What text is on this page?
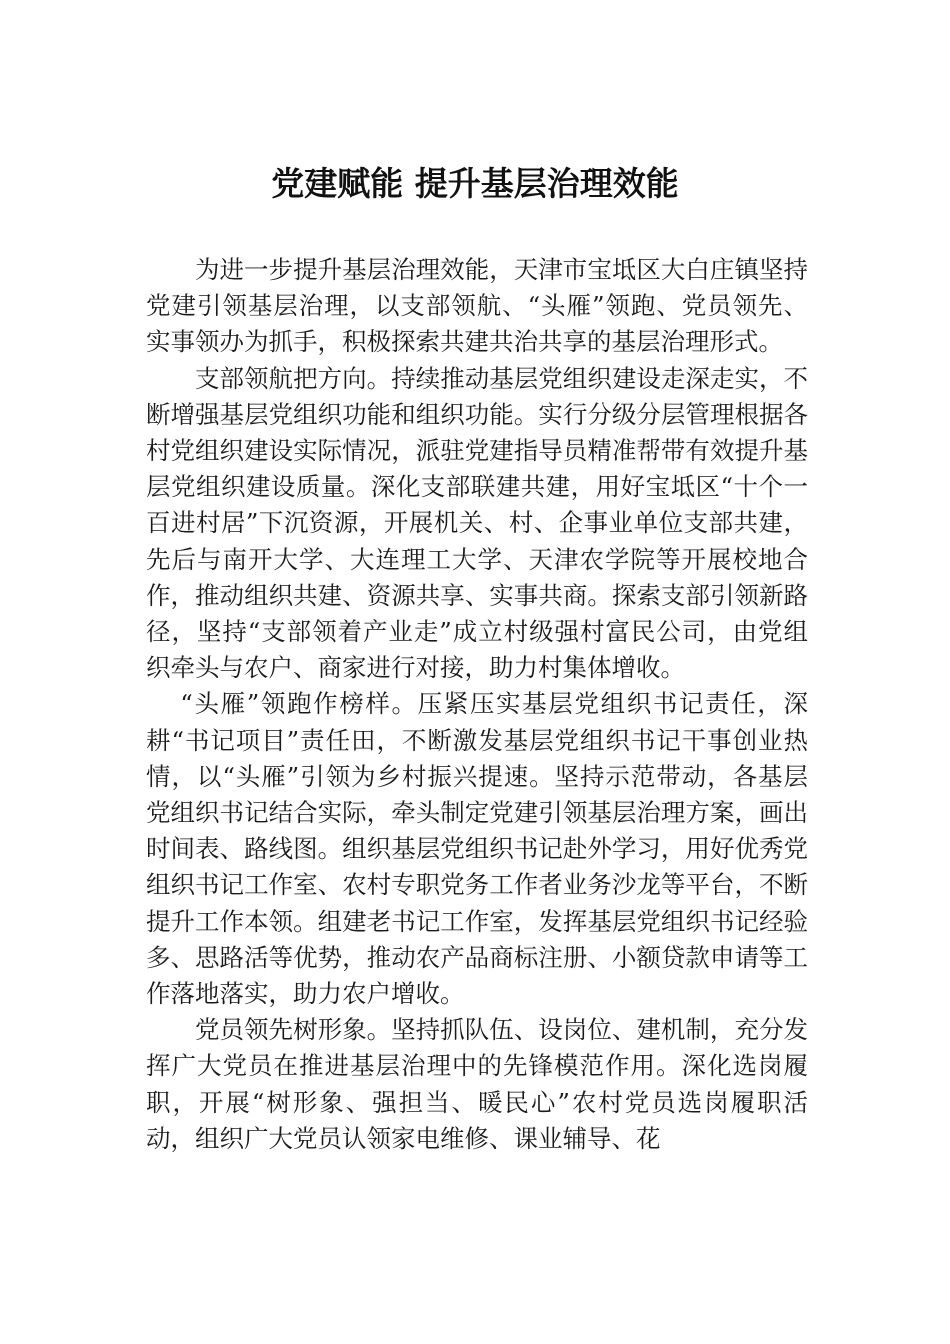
党建赋能 提升基层治理效能

为进一步提升基层治理效能，天津市宝坻区大白庄镇坚持党建引领基层治理，以支部领航、“头雁”领跑、党员领先、实事领办为抓手，积极探索共建共治共享的基层治理形式。

支部领航把方向。持续推动基层党组织建设走深走实，不断增强基层党组织功能和组织功能。实行分级分层管理根据各村党组织建设实际情况，派驻党建指导员精准帮带有效提升基层党组织建设质量。深化支部联建共建，用好宝坻区“十个一百进村居”下沉资源，开展机关、村、企事业单位支部共建，先后与南开大学、大连理工大学、天津农学院等开展校地合作，推动组织共建、资源共享、实事共商。探索支部引领新路径，坚持“支部领着产业走”成立村级强村富民公司，由党组织牵头与农户、商家进行对接，助力村集体增收。

“头雁”领跑作榜样。压紧压实基层党组织书记责任，深耕“书记项目”责任田，不断激发基层党组织书记干事创业热情，以“头雁”引领为乡村振兴提速。坚持示范带动，各基层党组织书记结合实际，牵头制定党建引领基层治理方案，画出时间表、路线图。组织基层党组织书记赴外学习，用好优秀党组织书记工作室、农村专职党务工作者业务沙龙等平台，不断提升工作本领。组建老书记工作室，发挥基层党组织书记经验多、思路活等优势，推动农产品商标注册、小额贷款申请等工作落地落实，助力农户增收。

党员领先树形象。坚持抓队伍、设岗位、建机制，充分发挥广大党员在推进基层治理中的先锋模范作用。深化选岗履职，开展“树形象、强担当、暖民心”农村党员选岗履职活动，组织广大党员认领家电维修、课业辅导、花
